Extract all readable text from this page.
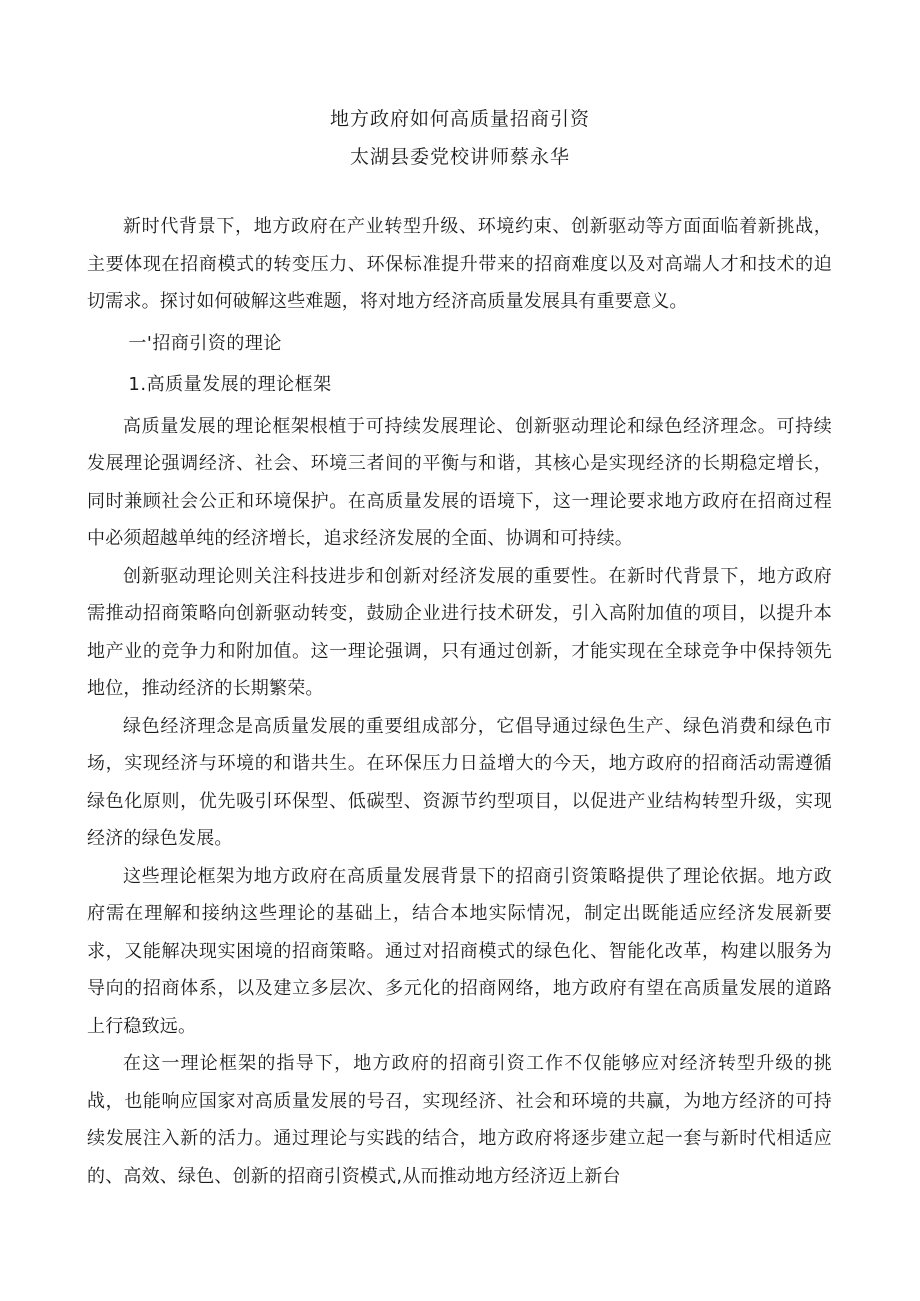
地方政府如何高质量招商引资
太湖县委党校讲师蔡永华

新时代背景下，地方政府在产业转型升级、环境约束、创新驱动等方面面临着新挑战，主要体现在招商模式的转变压力、环保标准提升带来的招商难度以及对高端人才和技术的迫切需求。探讨如何破解这些难题，将对地方经济高质量发展具有重要意义。

一'招商引资的理论

1.高质量发展的理论框架

高质量发展的理论框架根植于可持续发展理论、创新驱动理论和绿色经济理念。可持续发展理论强调经济、社会、环境三者间的平衡与和谐，其核心是实现经济的长期稳定增长，同时兼顾社会公正和环境保护。在高质量发展的语境下，这一理论要求地方政府在招商过程中必须超越单纯的经济增长，追求经济发展的全面、协调和可持续。

创新驱动理论则关注科技进步和创新对经济发展的重要性。在新时代背景下，地方政府需推动招商策略向创新驱动转变，鼓励企业进行技术研发，引入高附加值的项目，以提升本地产业的竞争力和附加值。这一理论强调，只有通过创新，才能实现在全球竞争中保持领先地位，推动经济的长期繁荣。

绿色经济理念是高质量发展的重要组成部分，它倡导通过绿色生产、绿色消费和绿色市场，实现经济与环境的和谐共生。在环保压力日益增大的今天，地方政府的招商活动需遵循绿色化原则，优先吸引环保型、低碳型、资源节约型项目，以促进产业结构转型升级，实现经济的绿色发展。

这些理论框架为地方政府在高质量发展背景下的招商引资策略提供了理论依据。地方政府需在理解和接纳这些理论的基础上，结合本地实际情况，制定出既能适应经济发展新要求，又能解决现实困境的招商策略。通过对招商模式的绿色化、智能化改革，构建以服务为导向的招商体系，以及建立多层次、多元化的招商网络，地方政府有望在高质量发展的道路上行稳致远。

在这一理论框架的指导下，地方政府的招商引资工作不仅能够应对经济转型升级的挑战，也能响应国家对高质量发展的号召，实现经济、社会和环境的共赢，为地方经济的可持续发展注入新的活力。通过理论与实践的结合，地方政府将逐步建立起一套与新时代相适应的、高效、绿色、创新的招商引资模式,从而推动地方经济迈上新台
